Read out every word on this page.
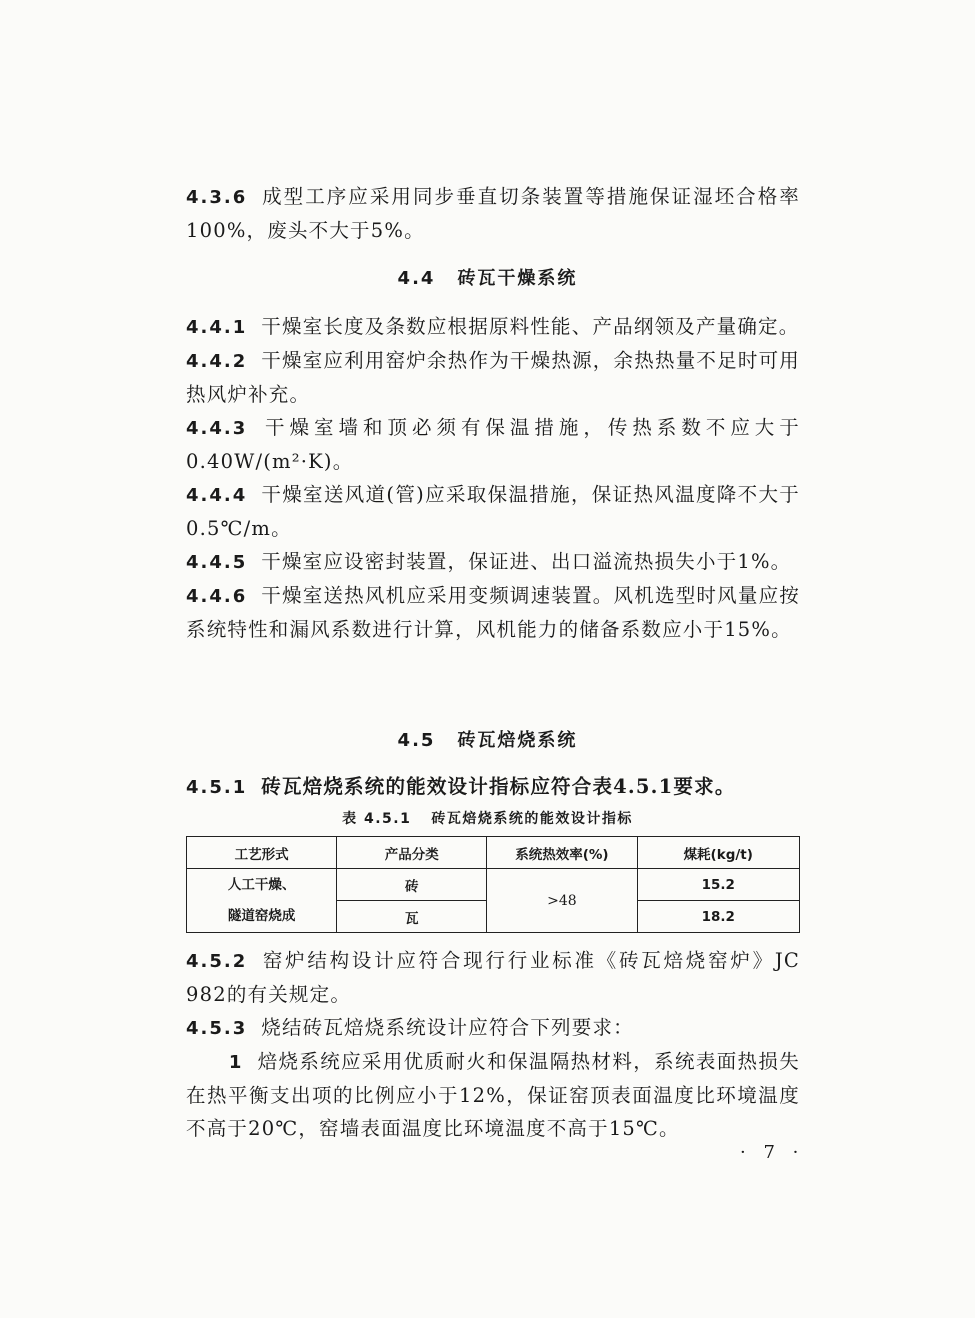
4.3.6 成型工序应采用同步垂直切条装置等措施保证湿坯合格率100%，废头不大于5%。

4.4 砖瓦干燥系统

4.4.1 干燥室长度及条数应根据原料性能、产品纲领及产量确定。

4.4.2 干燥室应利用窑炉余热作为干燥热源，余热热量不足时可用热风炉补充。

4.4.3 干燥室墙和顶必须有保温措施，传热系数不应大于0.40W/(m²·K)。

4.4.4 干燥室送风道(管)应采取保温措施，保证热风温度降不大于0.5℃/m。

4.4.5 干燥室应设密封装置，保证进、出口溢流热损失小于1%。

4.4.6 干燥室送热风机应采用变频调速装置。风机选型时风量应按系统特性和漏风系数进行计算，风机能力的储备系数应小于15%。

4.5 砖瓦焙烧系统

4.5.1 砖瓦焙烧系统的能效设计指标应符合表4.5.1要求。

表 4.5.1 砖瓦焙烧系统的能效设计指标
工艺形式	产品分类	系统热效率(%)	煤耗(kg/t)

人工干燥、
隧道窑烧成	砖	>48	15.2
	瓦		18.2

4.5.2 窑炉结构设计应符合现行行业标准《砖瓦焙烧窑炉》JC 982的有关规定。

4.5.3 烧结砖瓦焙烧系统设计应符合下列要求：

1 焙烧系统应采用优质耐火和保温隔热材料，系统表面热损失在热平衡支出项的比例应小于12%，保证窑顶表面温度比环境温度不高于20℃，窑墙表面温度比环境温度不高于15℃。

· 7 ·
